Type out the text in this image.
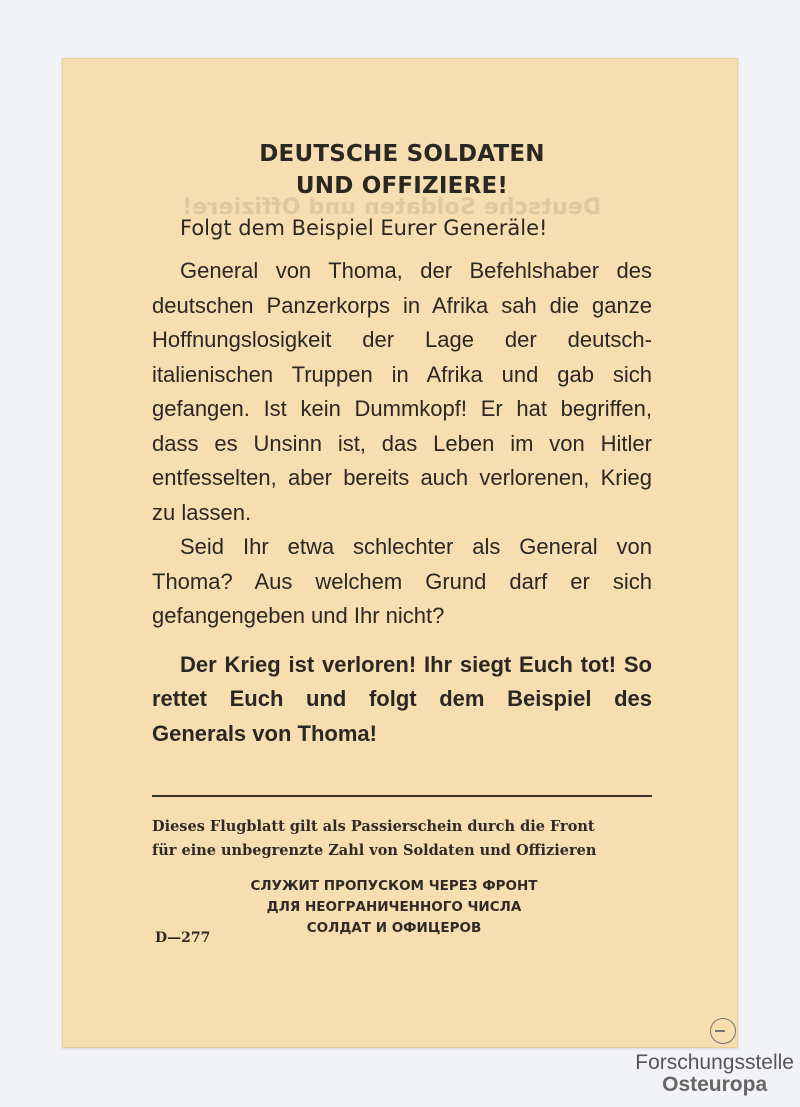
DEUTSCHE SOLDATEN
UND OFFIZIERE!
Folgt dem Beispiel Eurer Generäle!

General von Thoma, der Befehlshaber des deutschen Panzerkorps in Afrika sah die ganze Hoffnungslosigkeit der Lage der deutsch-italienischen Truppen in Afrika und gab sich gefangen. Ist kein Dummkopf! Er hat begriffen, dass es Unsinn ist, das Leben im von Hitler entfesselten, aber bereits auch verlorenen, Krieg zu lassen.

Seid Ihr etwa schlechter als General von Thoma? Aus welchem Grund darf er sich gefangengeben und Ihr nicht?

Der Krieg ist verloren! Ihr siegt Euch tot! So rettet Euch und folgt dem Beispiel des Generals von Thoma!

Dieses Flugblatt gilt als Passierschein durch die Front
für eine unbegrenzte Zahl von Soldaten und Offizieren
СЛУЖИТ ПРОПУСКОМ ЧЕРЕЗ ФРОНТ
ДЛЯ НЕОГРАНИЧЕННОГО ЧИСЛА
СОЛДАТ И ОФИЦЕРОВ
D—277
Forschungsstelle
Osteuropa
